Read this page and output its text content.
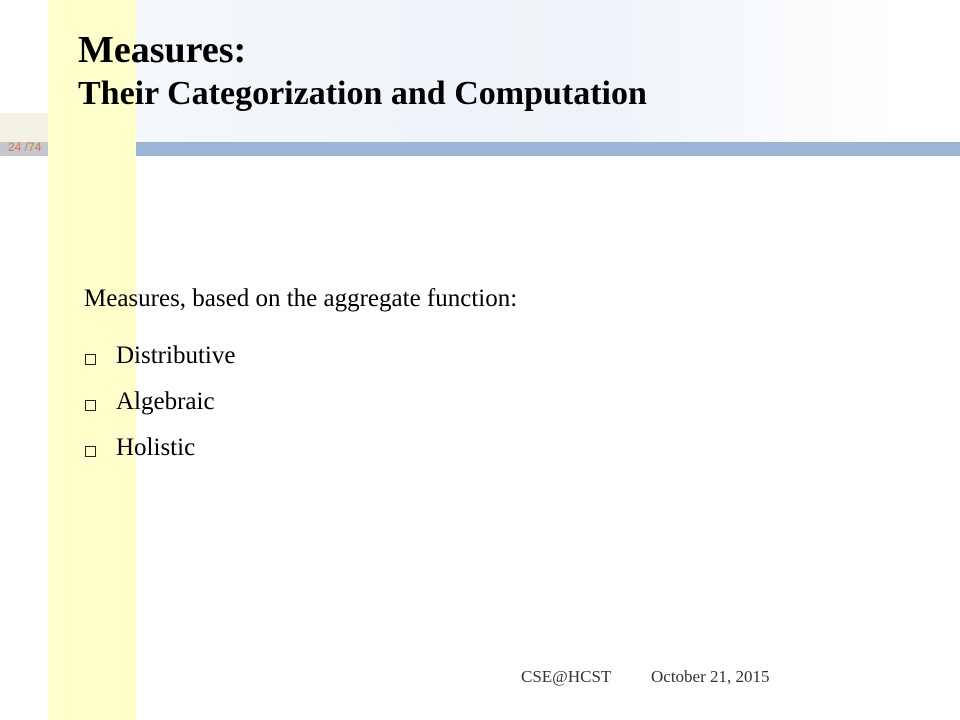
24 /74
Measures:
Their Categorization and Computation
Measures, based on the aggregate function:
Distributive
Algebraic
Holistic
CSE@HCST October 21, 2015
